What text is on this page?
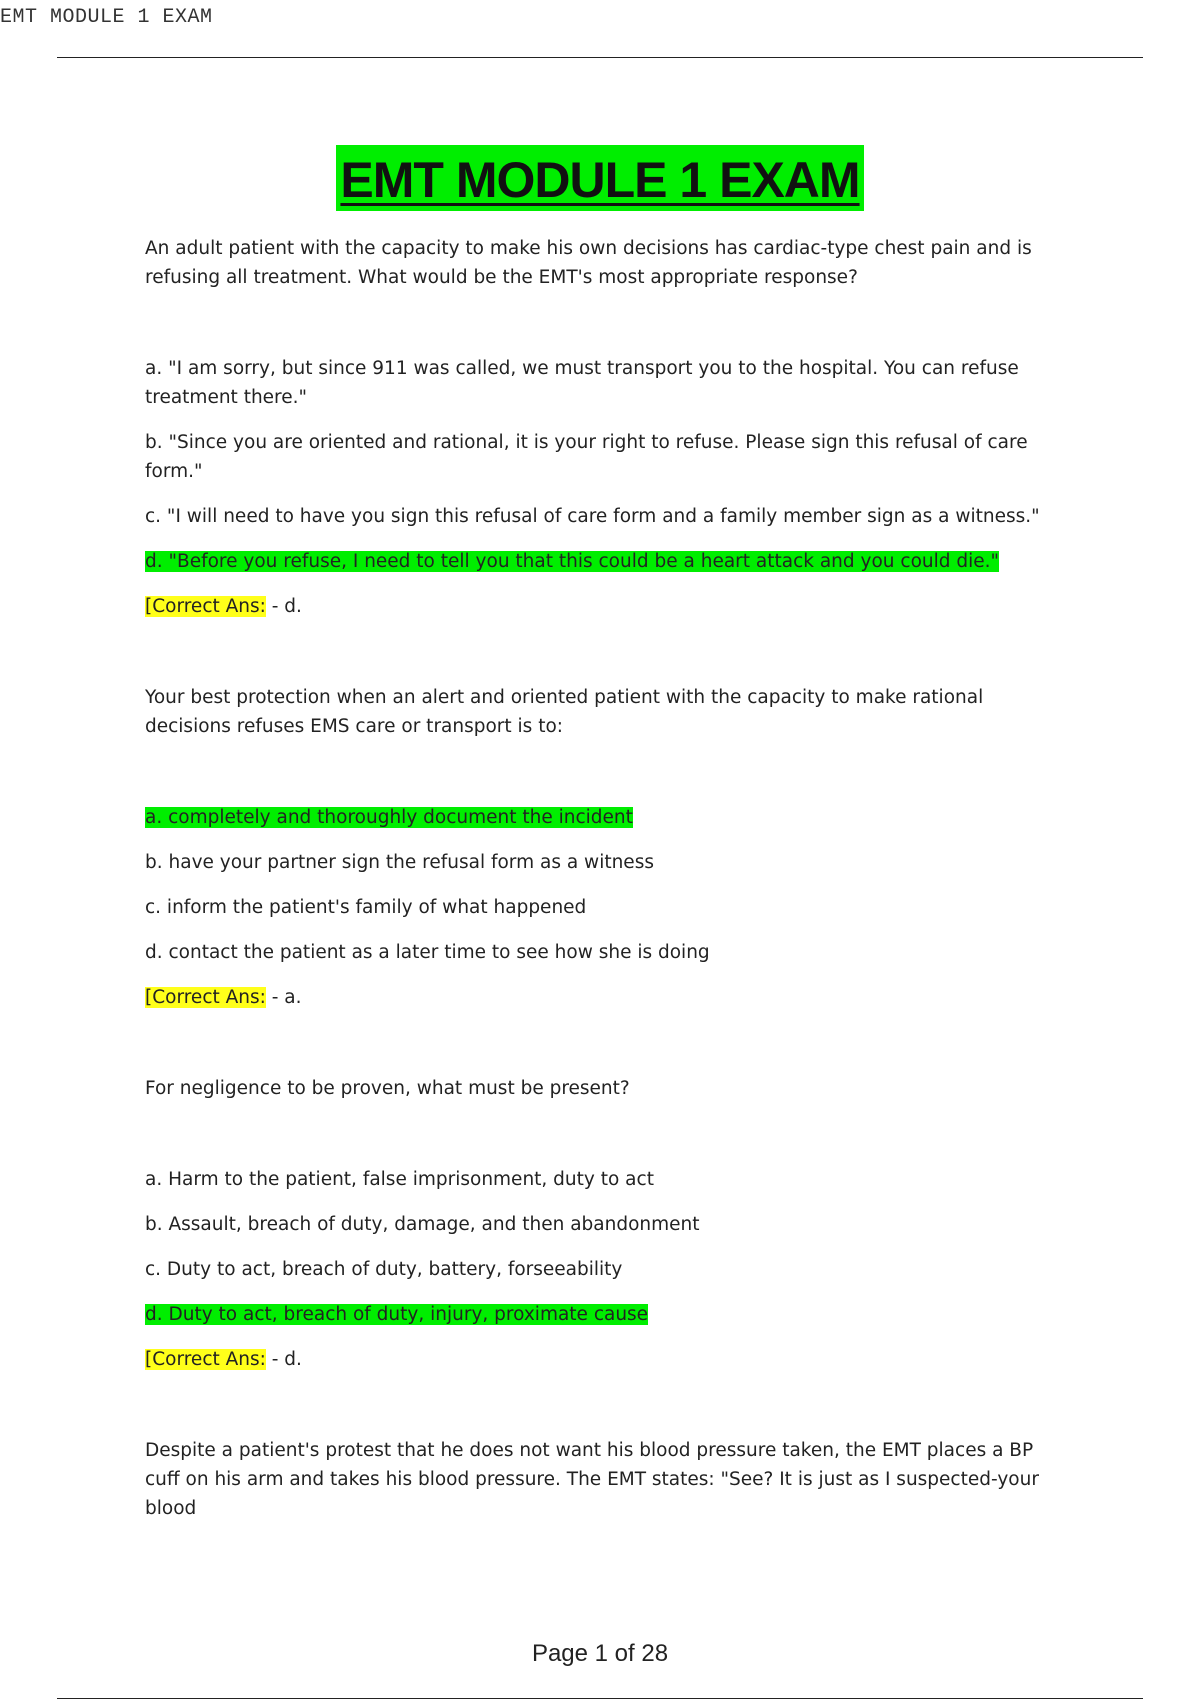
EMT MODULE 1 EXAM
EMT MODULE 1 EXAM

An adult patient with the capacity to make his own decisions has cardiac-type chest pain and is refusing all treatment. What would be the EMT's most appropriate response?

a. "I am sorry, but since 911 was called, we must transport you to the hospital. You can refuse treatment there."

b. "Since you are oriented and rational, it is your right to refuse. Please sign this refusal of care form."

c. "I will need to have you sign this refusal of care form and a family member sign as a witness."

d. "Before you refuse, I need to tell you that this could be a heart attack and you could die."

[Correct Ans: - d.

Your best protection when an alert and oriented patient with the capacity to make rational decisions refuses EMS care or transport is to:

a. completely and thoroughly document the incident

b. have your partner sign the refusal form as a witness

c. inform the patient's family of what happened

d. contact the patient as a later time to see how she is doing

[Correct Ans: - a.

For negligence to be proven, what must be present?

a. Harm to the patient, false imprisonment, duty to act

b. Assault, breach of duty, damage, and then abandonment

c. Duty to act, breach of duty, battery, forseeability

d. Duty to act, breach of duty, injury, proximate cause

[Correct Ans: - d.

Despite a patient's protest that he does not want his blood pressure taken, the EMT places a BP cuff on his arm and takes his blood pressure. The EMT states: "See? It is just as I suspected-your blood

Page 1 of 28
